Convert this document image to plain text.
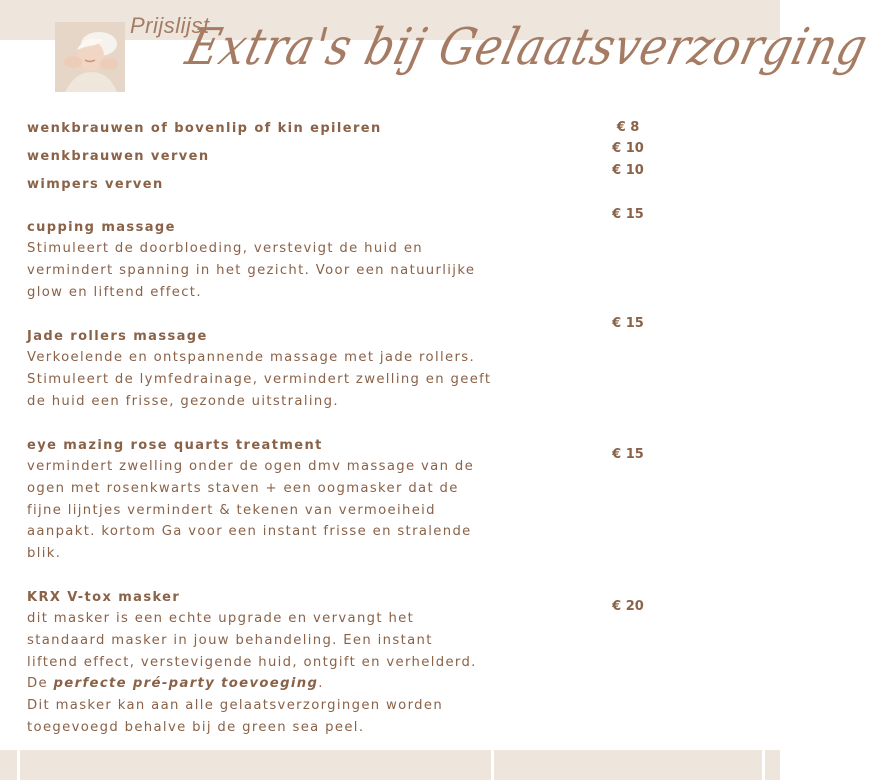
Prijslijst
Extra's bij Gelaatsverzorging
wenkbrauwen of bovenlip of kin epileren	€ 8
wenkbrauwen verven
€ 10
wimpers verven
€ 10
cupping massage
€ 15

Stimuleert de doorbloeding, verstevigt de huid en
vermindert spanning in het gezicht. Voor een natuurlijke
glow en liftend effect.

Jade rollers massage
€ 15

Verkoelende en ontspannende massage met jade rollers.
Stimuleert de lymfedrainage, vermindert zwelling en geeft
de huid een frisse, gezonde uitstraling.

eye mazing rose quarts treatment
€ 15

vermindert zwelling onder de ogen dmv massage van de
ogen met rosenkwarts staven + een oogmasker dat de
fijne lijntjes vermindert & tekenen van vermoeiheid
aanpakt. kortom Ga voor een instant frisse en stralende
blik.

KRX V-tox masker
€ 20

dit masker is een echte upgrade en vervangt het
standaard masker in jouw behandeling. Een instant
liftend effect, verstevigende huid, ontgift en verhelderd.
De perfecte pré-party toevoeging.
Dit masker kan aan alle gelaatsverzorgingen worden
toegevoegd behalve bij de green sea peel.
